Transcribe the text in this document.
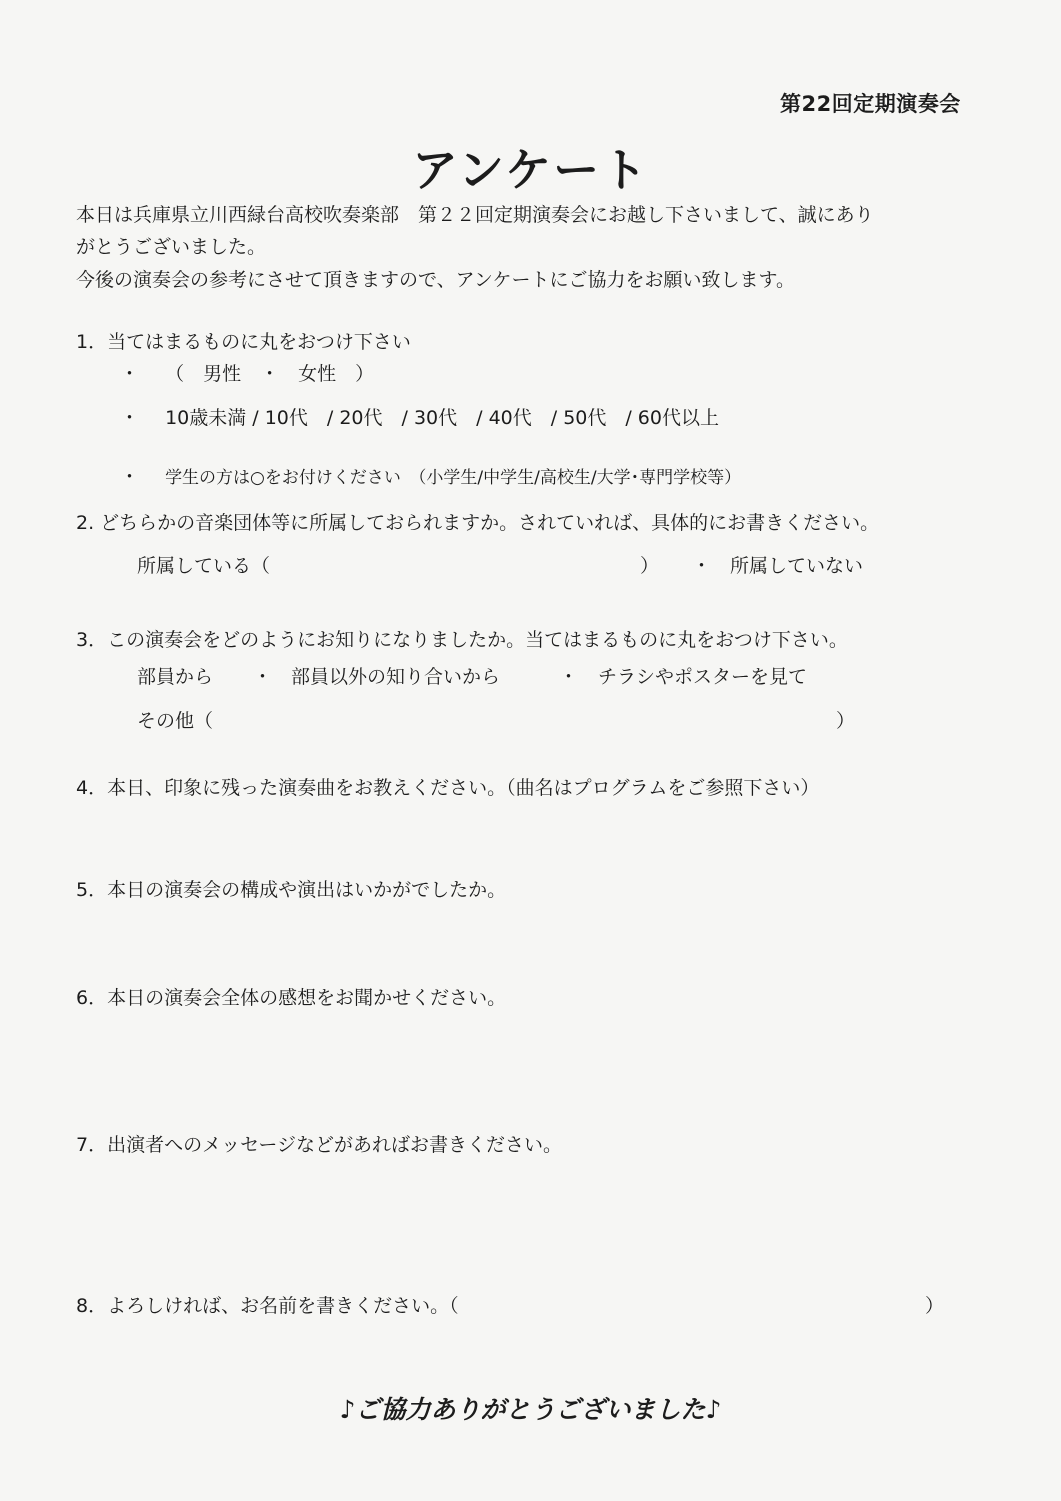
第22回定期演奏会
アンケート
本日は兵庫県立川西緑台高校吹奏楽部　第２２回定期演奏会にお越し下さいまして、誠にあり
がとうございました。
今後の演奏会の参考にさせて頂きますので、アンケートにご協力をお願い致します。
1．当てはまるものに丸をおつけ下さい
・ （　男性　・　女性　）
・ 10歳未満 / 10代　/ 20代　/ 30代　/ 40代　/ 50代　/ 60代以上
・ 学生の方は○をお付けください　（小学生/中学生/高校生/大学･専門学校等）
2. どちらかの音楽団体等に所属しておられますか。されていれば、具体的にお書きください。
所属している（	） ・ 所属していない
3．この演奏会をどのようにお知りになりましたか。当てはまるものに丸をおつけ下さい。
部員から ・ 部員以外の知り合いから	・ チラシやポスターを見て
その他（	）
4．本日、印象に残った演奏曲をお教えください。（曲名はプログラムをご参照下さい）
5．本日の演奏会の構成や演出はいかがでしたか。
6．本日の演奏会全体の感想をお聞かせください。
7．出演者へのメッセージなどがあればお書きください。
8．よろしければ、お名前を書きください。（	）
♪ご協力ありがとうございました♪
